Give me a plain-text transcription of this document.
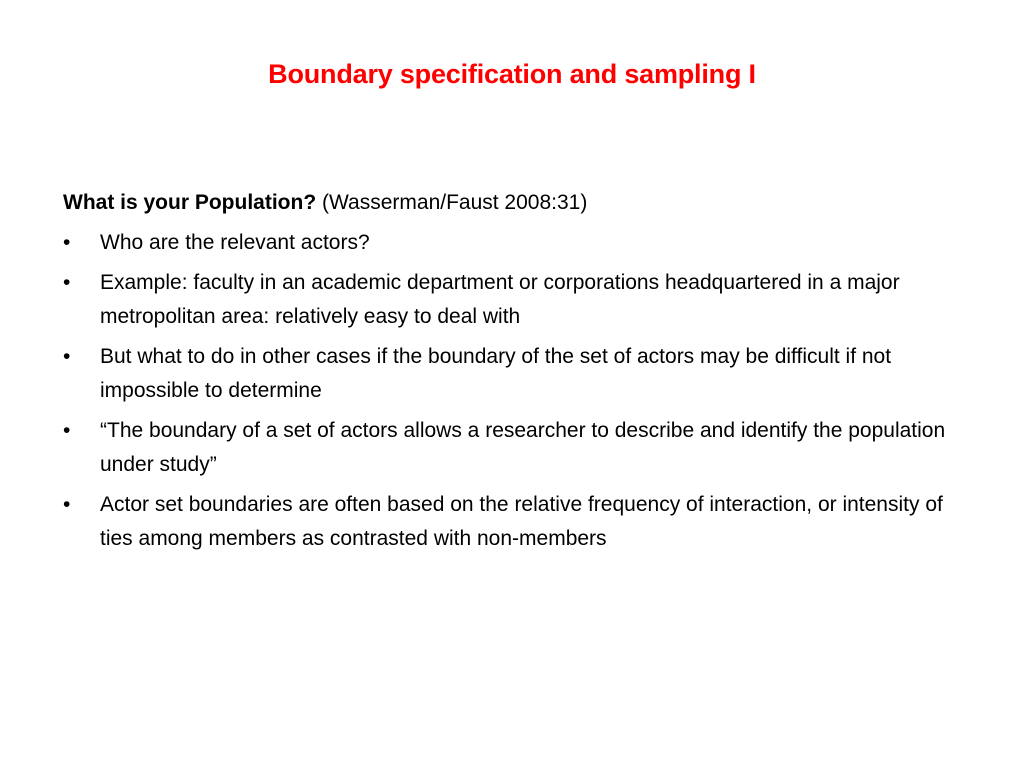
Boundary specification and sampling I

What is your Population? (Wasserman/Faust 2008:31)

•	Who are the relevant actors?
•	Example: faculty in an academic department or corporations headquartered in a major metropolitan area: relatively easy to deal with
•	But what to do in other cases if the boundary of the set of actors may be difficult if not impossible to determine
•	“The boundary of a set of actors allows a researcher to describe and identify the population under study”
•	Actor set boundaries are often based on the relative frequency of interaction, or intensity of ties among members as contrasted with non-members
